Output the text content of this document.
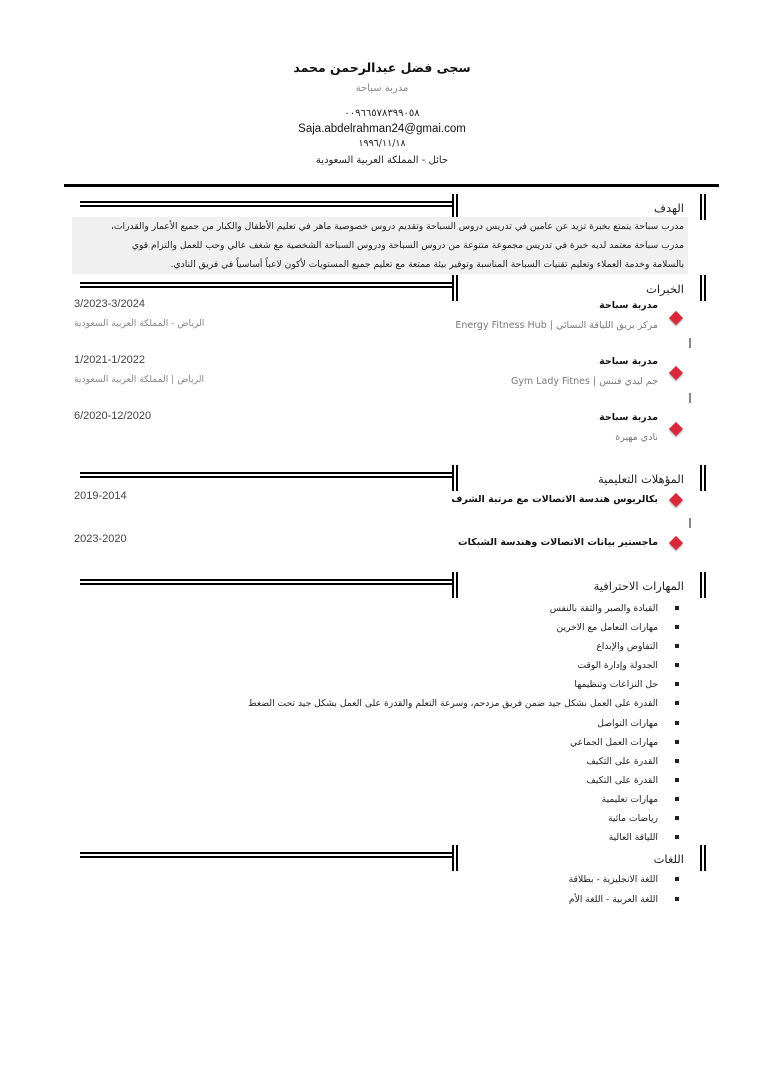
سجى فضل عبدالرحمن محمد
مدربة سباحة
٠٠٩٦٦٥٧٨٣٩٩٠٥٨
Saja.abdelrahman24@gmai.com
١٩٩٦/١١/١٨
حائل - المملكة العربية السعودية
الهدف
مدرب سباحة يتمتع بخبرة تزيد عن عامين في تدريس دروس السباحة وتقديم دروس خصوصية ماهر في تعليم الأطفال والكبار من جميع الأعمار والقدرات،
مدرب سباحة معتمد لديه خبرة في تدريس مجموعة متنوعة من دروس السباحة ودروس السباحة الشخصية مع شغف عالي وحب للعمل والتزام قوي
بالسلامة وخدمة العملاء وتعليم تقنيات السباحة المناسبة وتوفير بيئة ممتعة مع تعليم جميع المستويات لأكون لاعباً أساسياً في فريق النادي.
الخبرات
مدربة سباحة
مركز بريق اللياقة النسائي | Energy Fitness Hub
3/2023-3/2024
الرياض - المملكة العربية السعودية
مدربة سباحة
جم ليدي فتنس | Gym Lady Fitnes
1/2021-1/2022
الرياض | المملكة العربية السعودية
مدربة سباحة
نادي مهيرة
6/2020-12/2020
المؤهلات التعليمية
بكالريوس هندسة الاتصالات مع مرتبة الشرف
2019-2014
ماجستير بيانات الاتصالات وهندسة الشبكات
2023-2020
المهارات الاحترافية
القيادة والصبر والثقة بالنفس
مهارات التعامل مع الاخرين
التفاوض والإبداع
الجدولة وإدارة الوقت
حل النزاعات وتنظيمها
القدرة على العمل بشكل جيد ضمن فريق مزدحم، وسرعة التعلم والقدرة على العمل بشكل جيد تحت الضغط
مهارات التواصل
مهارات العمل الجماعي
القدرة على التكيف
القدرة على التكيف
مهارات تعليمية
رياضات مائية
اللياقة العالية
اللغات
اللغة الانجليزية - بطلاقة
اللغة العربية - اللغة الأم
